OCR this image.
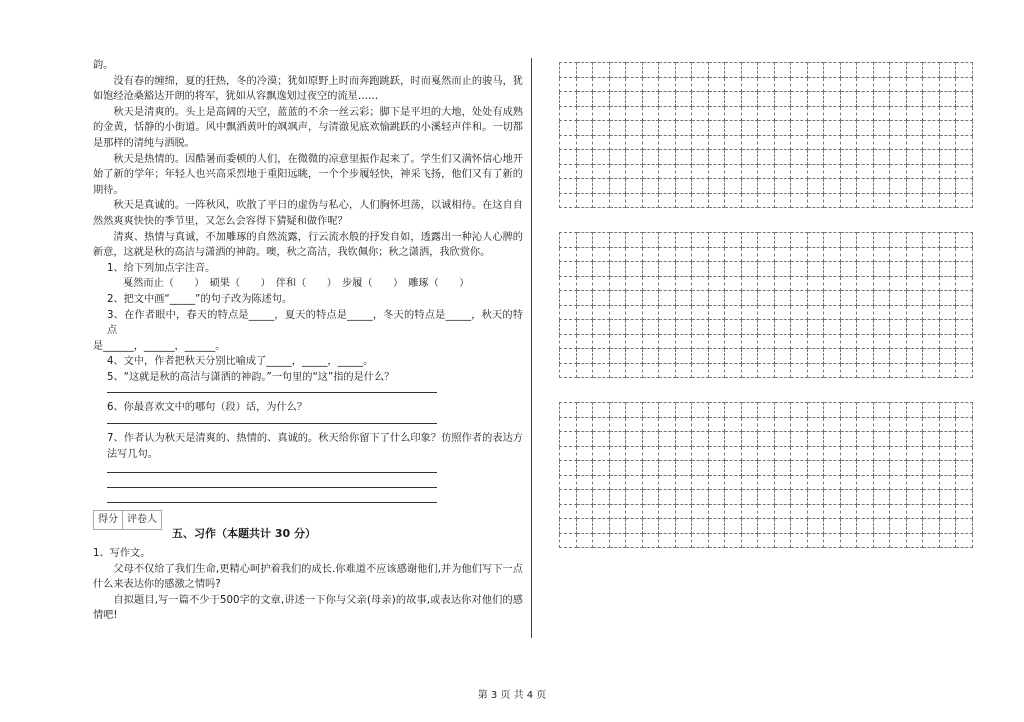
韵。

没有春的缠绵，夏的狂热，冬的冷漠；犹如原野上时而奔跑跳跃，时而戛然而止的骏马，犹如饱经沧桑豁达开朗的将军，犹如从容飘逸划过夜空的流星……

秋天是清爽的。头上是高阔的天空，蓝蓝的不余一丝云彩；脚下是平坦的大地，处处有成熟的金黄，恬静的小街道。风中飘洒黄叶的飒飒声，与清澈见底欢愉跳跃的小溪轻声伴和。一切都是那样的清纯与洒脱。

秋天是热情的。因酷暑而委顿的人们，在微微的凉意里振作起来了。学生们又满怀信心地开始了新的学年；年轻人也兴高采烈地于重阳远眺，一个个步履轻快，神采飞扬，他们又有了新的期待。

秋天是真诚的。一阵秋风，吹散了平日的虚伪与私心，人们胸怀坦荡，以诚相待。在这自自然然爽爽快快的季节里，又怎么会容得下猜疑和做作呢？

清爽、热情与真诚，不加雕琢的自然流露，行云流水般的抒发自如，透露出一种沁人心脾的新意，这就是秋的高洁与潇洒的神韵。噢，秋之高洁，我钦佩你；秋之潇洒，我欣赏你。

1、给下列加点字注音。

戛然而止（　　）　硕果（　　）　伴和（　　）　步履（　　）　雕琢（　　）

2、把文中画“_____”的句子改为陈述句。

3、在作者眼中，春天的特点是_____，夏天的特点是_____，冬天的特点是_____，秋天的特点

是______，______，______。

4、文中，作者把秋天分别比喻成了_____，_____，_____。

5、“这就是秋的高洁与潇洒的神韵。”一句里的“这”指的是什么？

6、你最喜欢文中的哪句（段）话，为什么？

7、作者认为秋天是清爽的、热情的、真诚的。秋天给你留下了什么印象？仿照作者的表达方法写几句。

得分 评卷人
五、习作（本题共计 30 分）

1、写作文。

父母不仅给了我们生命,更精心呵护着我们的成长.你难道不应该感谢他们,并为他们写下一点什么来表达你的感激之情吗?

自拟题目,写一篇不少于500字的文章,讲述一下你与父亲(母亲)的故事,或表达你对他们的感情吧!

第 3 页 共 4 页
